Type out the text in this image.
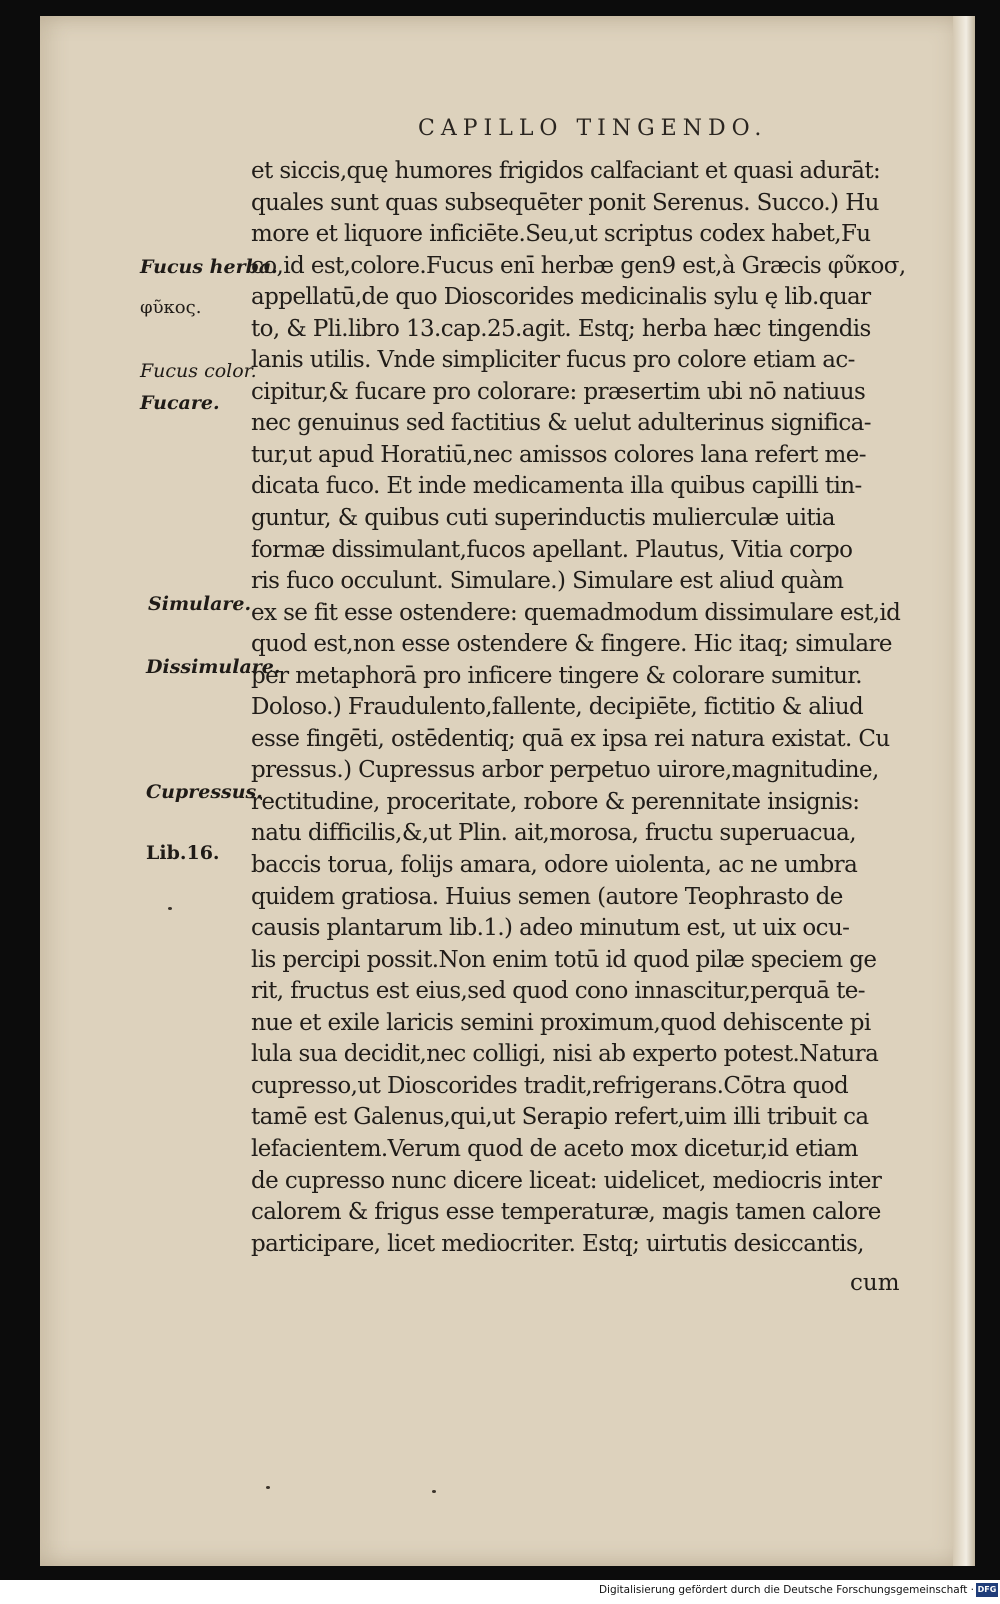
CAPILLO TINGENDO.
Fucus herba.
φῦκος.
Fucus color.
Fucare.
Simulare.
Dissimulare.
Cupressus.
Lib.16.
et siccis,quę humores frigidos calfaciant et quasi adurāt:
quales sunt quas subsequēter ponit Serenus. Succo.) Hu
more et liquore inficiēte.Seu,ut scriptus codex habet,Fu
co,id est,colore.Fucus enī herbæ gen9 est,à Græcis φῦκοσ,
appellatū,de quo Dioscorides medicinalis sylu ę lib.quar
to, & Pli.libro 13.cap.25.agit. Estq; herba hæc tingendis
lanis utilis. Vnde simpliciter fucus pro colore etiam ac-
cipitur,& fucare pro colorare: præsertim ubi nō natiuus
nec genuinus sed factitius & uelut adulterinus significa-
tur,ut apud Horatiū,nec amissos colores lana refert me-
dicata fuco. Et inde medicamenta illa quibus capilli tin-
guntur, & quibus cuti superinductis mulierculæ uitia
formæ dissimulant,fucos apellant. Plautus, Vitia corpo
ris fuco occulunt. Simulare.) Simulare est aliud quàm
ex se fit esse ostendere: quemadmodum dissimulare est,id
quod est,non esse ostendere & fingere. Hic itaq; simulare
per metaphorā pro inficere tingere & colorare sumitur.
Doloso.) Fraudulento,fallente, decipiēte, fictitio & aliud
esse fingēti, ostēdentiq; quā ex ipsa rei natura existat. Cu
pressus.) Cupressus arbor perpetuo uirore,magnitudine,
rectitudine, proceritate, robore & perennitate insignis:
natu difficilis,&,ut Plin. ait,morosa, fructu superuacua,
baccis torua, folijs amara, odore uiolenta, ac ne umbra
quidem gratiosa. Huius semen (autore Teophrasto de
causis plantarum lib.1.) adeo minutum est, ut uix ocu-
lis percipi possit.Non enim totū id quod pilæ speciem ge
rit, fructus est eius,sed quod cono innascitur,perquā te-
nue et exile laricis semini proximum,quod dehiscente pi
lula sua decidit,nec colligi, nisi ab experto potest.Natura
cupresso,ut Dioscorides tradit,refrigerans.Cōtra quod
tamē est Galenus,qui,ut Serapio refert,uim illi tribuit ca
lefacientem.Verum quod de aceto mox dicetur,id etiam
de cupresso nunc dicere liceat: uidelicet, mediocris inter
calorem & frigus esse temperaturæ, magis tamen calore
participare, licet mediocriter. Estq; uirtutis desiccantis,
cum
Digitalisierung gefördert durch die Deutsche Forschungsgemeinschaft · DFG
